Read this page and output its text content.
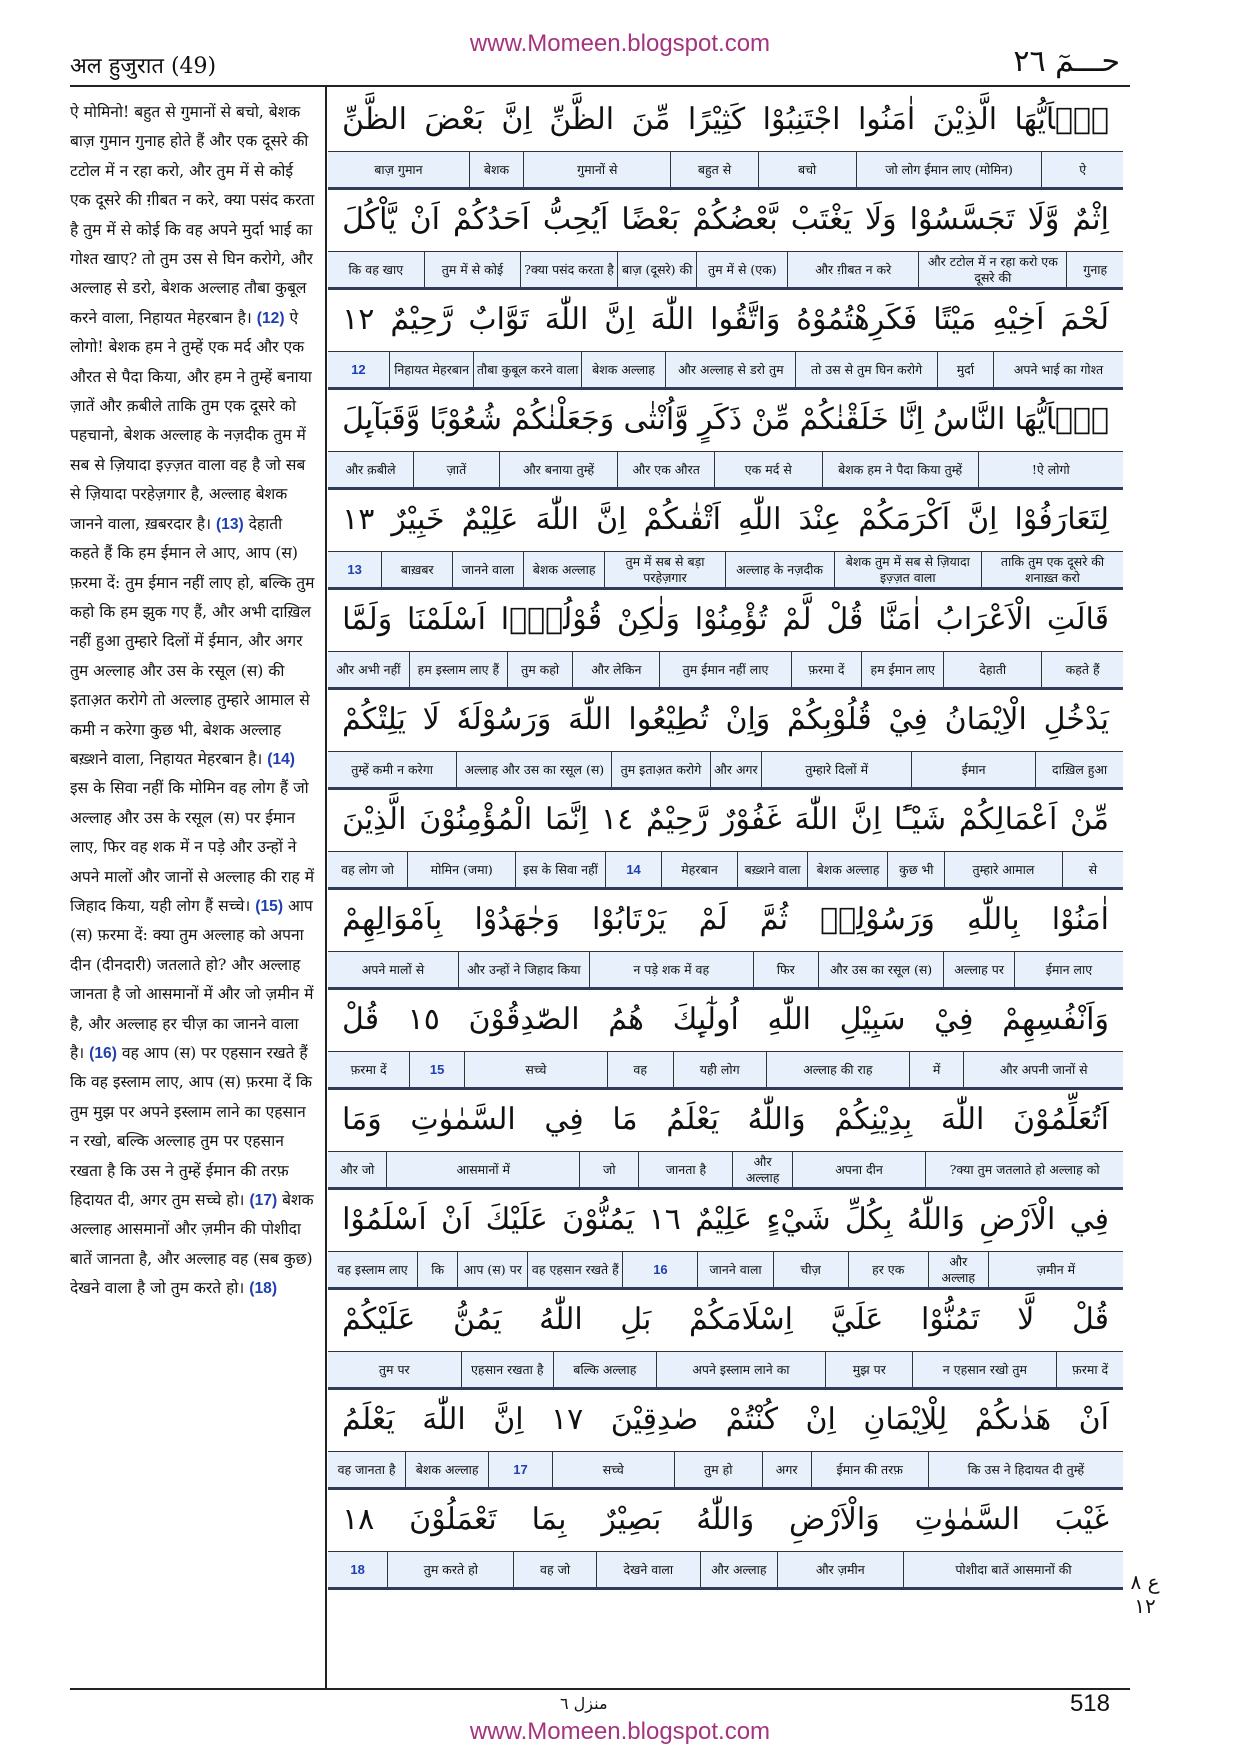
www.Momeen.blogspot.com
अल हुजुरात (49)	حـــمٓ ٢٦
ऐ मोमिनो! बहुत से गुमानों से बचो, बेशक बाज़ गुमान गुनाह होते हैं और एक दूसरे की टटोल में न रहा करो, और तुम में से कोई एक दूसरे की ग़ीबत न करे, क्या पसंद करता है तुम में से कोई कि वह अपने मुर्दा भाई का गोश्त खाए? तो तुम उस से घिन करोगे, और अल्लाह से डरो, बेशक अल्लाह तौबा कुबूल करने वाला, निहायत मेहरबान है। (12) ऐ लोगो! बेशक हम ने तुम्हें एक मर्द और एक औरत से पैदा किया, और हम ने तुम्हें बनाया ज़ातें और क़बीले ताकि तुम एक दूसरे को पहचानो, बेशक अल्लाह के नज़दीक तुम में सब से ज़ियादा इज़्ज़त वाला वह है जो सब से ज़ियादा परहेज़गार है, अल्लाह बेशक जानने वाला, ख़बरदार है। (13) देहाती कहते हैं कि हम ईमान ले आए, आप (स) फ़रमा दें: तुम ईमान नहीं लाए हो, बल्कि तुम कहो कि हम झुक गए हैं, और अभी दाख़िल नहीं हुआ तुम्हारे दिलों में ईमान, और अगर तुम अल्लाह और उस के रसूल (स) की इताअ़त करोगे तो अल्लाह तुम्हारे आमाल से कमी न करेगा कुछ भी, बेशक अल्लाह बख़्शने वाला, निहायत मेहरबान है। (14) इस के सिवा नहीं कि मोमिन वह लोग हैं जो अल्लाह और उस के रसूल (स) पर ईमान लाए, फिर वह शक में न पड़े और उन्हों ने अपने मालों और जानों से अल्लाह की राह में जिहाद किया, यही लोग हैं सच्चे। (15) आप (स) फ़रमा दें: क्या तुम अल्लाह को अपना दीन (दीनदारी) जतलाते हो? और अल्लाह जानता है जो आसमानों में और जो ज़मीन में है, और अल्लाह हर चीज़ का जानने वाला है। (16) वह आप (स) पर एहसान रखते हैं कि वह इस्लाम लाए, आप (स) फ़रमा दें कि तुम मुझ पर अपने इस्लाम लाने का एहसान न रखो, बल्कि अल्लाह तुम पर एहसान रखता है कि उस ने तुम्हें ईमान की तरफ़ हिदायत दी, अगर तुम सच्चे हो। (17) बेशक अल्लाह आसमानों और ज़मीन की पोशीदा बातें जानता है, और अल्लाह वह (सब कुछ) देखने वाला है जो तुम करते हो। (18)
يٰۤاَيُّهَا
الَّذِيْنَ
اٰمَنُوا
اجْتَنِبُوْا
كَثِيْرًا
مِّنَ
الظَّنِّ
اِنَّ
بَعْضَ
الظَّنِّ
ऐ
जो लोग ईमान लाए (मोमिन)
बचो
बहुत से
गुमानों से
बेशक
बाज़ गुमान
اِثْمٌ
وَّلَا
تَجَسَّسُوْا
وَلَا
يَغْتَبْ
بَّعْضُكُمْ
بَعْضًا
اَيُحِبُّ
اَحَدُكُمْ
اَنْ
يَّاْكُلَ
गुनाह
और टटोल में न रहा करो एक दूसरे की
और ग़ीबत न करे
तुम में से (एक)
बाज़ (दूसरे) की
क्या पसंद करता है?
तुम में से कोई
कि वह खाए
لَحْمَ
اَخِيْهِ
مَيْتًا
فَكَرِهْتُمُوْهُ
وَاتَّقُوا
اللّٰهَ
اِنَّ
اللّٰهَ
تَوَّابٌ
رَّحِيْمٌ
١٢
अपने भाई का गोश्त
मुर्दा
तो उस से तुम घिन करोगे
और अल्लाह से डरो तुम
बेशक अल्लाह
तौबा कुबूल करने वाला
निहायत मेहरबान
12
يٰۤاَيُّهَا
النَّاسُ
اِنَّا
خَلَقْنٰكُمْ
مِّنْ
ذَكَرٍ
وَّاُنْثٰى
وَجَعَلْنٰكُمْ
شُعُوْبًا
وَّقَبَآىِٕلَ
ऐ लोगो!
बेशक हम ने पैदा किया तुम्हें
एक मर्द से
और एक औरत
और बनाया तुम्हें
ज़ातें
और क़बीले
لِتَعَارَفُوْا
اِنَّ
اَكْرَمَكُمْ
عِنْدَ
اللّٰهِ
اَتْقٰىكُمْ
اِنَّ
اللّٰهَ
عَلِيْمٌ
خَبِيْرٌ
١٣
ताकि तुम एक दूसरे की शनाख़्त करो
बेशक तुम में सब से ज़ियादा इज़्ज़त वाला
अल्लाह के नज़दीक
तुम में सब से बड़ा परहेज़गार
बेशक अल्लाह
जानने वाला
बाख़बर
13
قَالَتِ
الْاَعْرَابُ
اٰمَنَّا
قُلْ
لَّمْ
تُؤْمِنُوْا
وَلٰكِنْ
قُوْلُوْۤا
اَسْلَمْنَا
وَلَمَّا
कहते हैं
देहाती
हम ईमान लाए
फ़रमा दें
तुम ईमान नहीं लाए
और लेकिन
तुम कहो
हम इस्लाम लाए हैं
और अभी नहीं
يَدْخُلِ
الْاِيْمَانُ
فِيْ
قُلُوْبِكُمْ
وَاِنْ
تُطِيْعُوا
اللّٰهَ
وَرَسُوْلَهٗ
لَا
يَلِتْكُمْ
दाख़िल हुआ
ईमान
तुम्हारे दिलों में
और अगर
तुम इताअ़त करोगे
अल्लाह और उस का रसूल (स)
तुम्हें कमी न करेगा
مِّنْ
اَعْمَالِكُمْ
شَيْـًٔا
اِنَّ
اللّٰهَ
غَفُوْرٌ
رَّحِيْمٌ
١٤
اِنَّمَا
الْمُؤْمِنُوْنَ
الَّذِيْنَ
से
तुम्हारे आमाल
कुछ भी
बेशक अल्लाह
बख़्शने वाला
मेहरबान
14
इस के सिवा नहीं
मोमिन (जमा)
वह लोग जो
اٰمَنُوْا
بِاللّٰهِ
وَرَسُوْلِهٖ
ثُمَّ
لَمْ
يَرْتَابُوْا
وَجٰهَدُوْا
بِاَمْوَالِهِمْ
ईमान लाए
अल्लाह पर
और उस का रसूल (स)
फिर
न पड़े शक में वह
और उन्हों ने जिहाद किया
अपने मालों से
وَاَنْفُسِهِمْ
فِيْ
سَبِيْلِ
اللّٰهِ
اُولٰٓىِٕكَ
هُمُ
الصّٰدِقُوْنَ
١٥
قُلْ
और अपनी जानों से
में
अल्लाह की राह
यही लोग
वह
सच्चे
15
फ़रमा दें
اَتُعَلِّمُوْنَ
اللّٰهَ
بِدِيْنِكُمْ
وَاللّٰهُ
يَعْلَمُ
مَا
فِي
السَّمٰوٰتِ
وَمَا
क्या तुम जतलाते हो अल्लाह को?
अपना दीन
और अल्लाह
जानता है
जो
आसमानों में
और जो
فِي
الْاَرْضِ
وَاللّٰهُ
بِكُلِّ
شَيْءٍ
عَلِيْمٌ
١٦
يَمُنُّوْنَ
عَلَيْكَ
اَنْ
اَسْلَمُوْا
ज़मीन में
और अल्लाह
हर एक
चीज़
जानने वाला
16
वह एहसान रखते हैं
आप (स) पर
कि
वह इस्लाम लाए
قُلْ
لَّا
تَمُنُّوْا
عَلَيَّ
اِسْلَامَكُمْ
بَلِ
اللّٰهُ
يَمُنُّ
عَلَيْكُمْ
फ़रमा दें
न एहसान रखो तुम
मुझ पर
अपने इस्लाम लाने का
बल्कि अल्लाह
एहसान रखता है
तुम पर
اَنْ
هَدٰىكُمْ
لِلْاِيْمَانِ
اِنْ
كُنْتُمْ
صٰدِقِيْنَ
١٧
اِنَّ
اللّٰهَ
يَعْلَمُ
कि उस ने हिदायत दी तुम्हें
ईमान की तरफ़
अगर
तुम हो
सच्चे
17
बेशक अल्लाह
वह जानता है
غَيْبَ
السَّمٰوٰتِ
وَالْاَرْضِ
وَاللّٰهُ
بَصِيْرٌ
بِمَا
تَعْمَلُوْنَ
١٨
पोशीदा बातें आसमानों की
और ज़मीन
और अल्लाह
देखने वाला
वह जो
तुम करते हो
18
ع ٨ ١٢
منزل ٦	518
www.Momeen.blogspot.com
